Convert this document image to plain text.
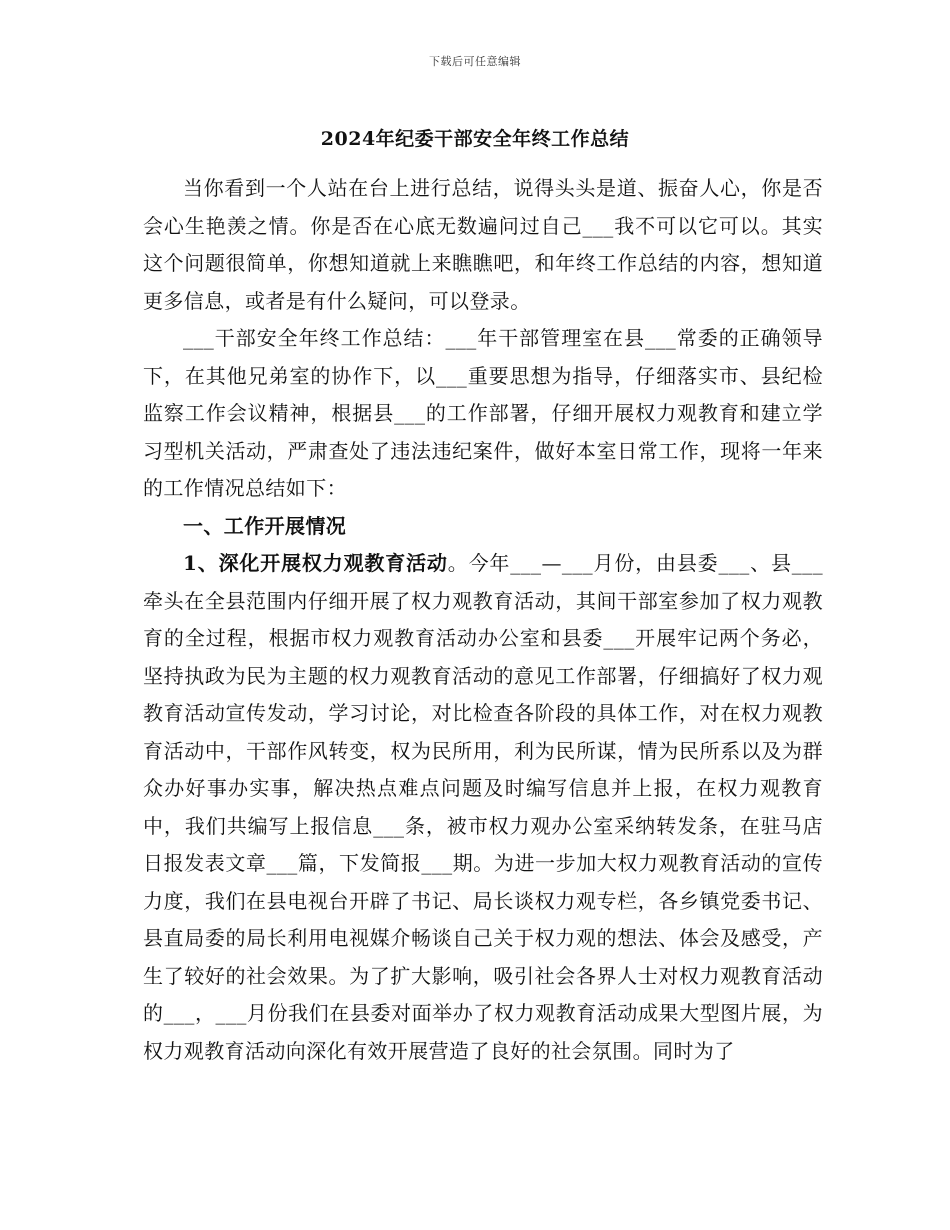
下载后可任意编辑
2024年纪委干部安全年终工作总结

当你看到一个人站在台上进行总结，说得头头是道、振奋人心，你是否会心生艳羡之情。你是否在心底无数遍问过自己___我不可以它可以。其实这个问题很简单，你想知道就上来瞧瞧吧，和年终工作总结的内容，想知道更多信息，或者是有什么疑问，可以登录。

___干部安全年终工作总结：___年干部管理室在县___常委的正确领导下，在其他兄弟室的协作下，以___重要思想为指导，仔细落实市、县纪检监察工作会议精神，根据县___的工作部署，仔细开展权力观教育和建立学习型机关活动，严肃查处了违法违纪案件，做好本室日常工作，现将一年来的工作情况总结如下：

一、工作开展情况

1、深化开展权力观教育活动。今年___—___月份，由县委___、县___牵头在全县范围内仔细开展了权力观教育活动，其间干部室参加了权力观教育的全过程，根据市权力观教育活动办公室和县委___开展牢记两个务必，坚持执政为民为主题的权力观教育活动的意见工作部署，仔细搞好了权力观教育活动宣传发动，学习讨论，对比检查各阶段的具体工作，对在权力观教育活动中，干部作风转变，权为民所用，利为民所谋，情为民所系以及为群众办好事办实事，解决热点难点问题及时编写信息并上报，在权力观教育中，我们共编写上报信息___条，被市权力观办公室采纳转发条，在驻马店日报发表文章___篇，下发简报___期。为进一步加大权力观教育活动的宣传力度，我们在县电视台开辟了书记、局长谈权力观专栏，各乡镇党委书记、县直局委的局长利用电视媒介畅谈自己关于权力观的想法、体会及感受，产生了较好的社会效果。为了扩大影响，吸引社会各界人士对权力观教育活动的___，___月份我们在县委对面举办了权力观教育活动成果大型图片展，为权力观教育活动向深化有效开展营造了良好的社会氛围。同时为了
